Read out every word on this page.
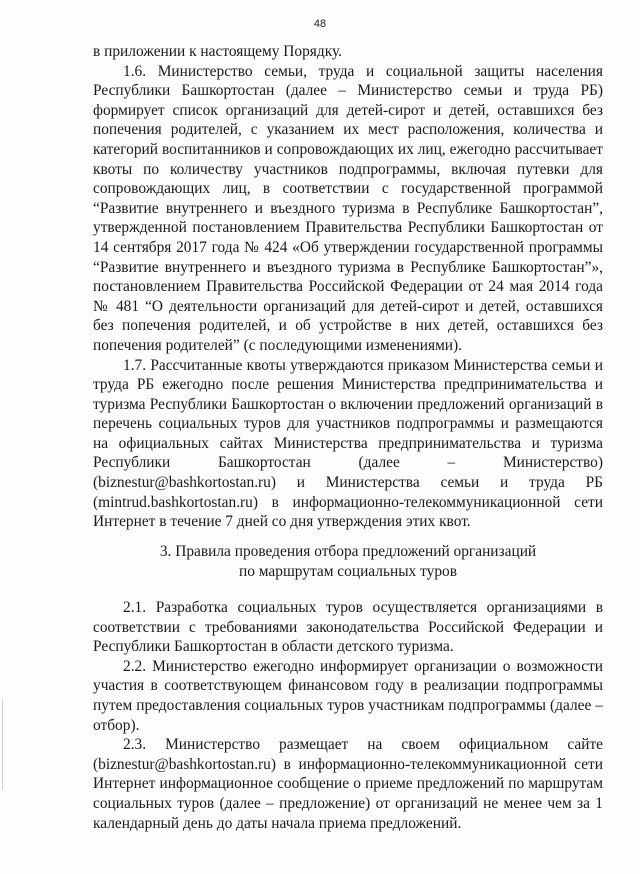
48

в приложении к настоящему Порядку.

1.6. Министерство семьи, труда и социальной защиты населения Республики Башкортостан (далее – Министерство семьи и труда РБ) формирует список организаций для детей-сирот и детей, оставшихся без попечения родителей, с указанием их мест расположения, количества и категорий воспитанников и сопровождающих их лиц, ежегодно рассчитывает квоты по количеству участников подпрограммы, включая путевки для сопровождающих лиц, в соответствии с государственной программой “Развитие внутреннего и въездного туризма в Республике Башкортостан”, утвержденной постановлением Правительства Республики Башкортостан от 14 сентября 2017 года № 424 «Об утверждении государственной программы “Развитие внутреннего и въездного туризма в Республике Башкортостан”», постановлением Правительства Российской Федерации от 24 мая 2014 года № 481 “О деятельности организаций для детей-сирот и детей, оставшихся без попечения родителей, и об устройстве в них детей, оставшихся без попечения родителей” (с последующими изменениями).

1.7. Рассчитанные квоты утверждаются приказом Министерства семьи и труда РБ ежегодно после решения Министерства предпринимательства и туризма Республики Башкортостан о включении предложений организаций в перечень социальных туров для участников подпрограммы и размещаются на официальных сайтах Министерства предпринимательства и туризма Республики Башкортостан (далее – Министерство) (biznestur@bashkortostan.ru) и Министерства семьи и труда РБ (mintrud.bashkortostan.ru) в информационно-телекоммуникационной сети Интернет в течение 7 дней со дня утверждения этих квот.

3. Правила проведения отбора предложений организаций

по маршрутам социальных туров

2.1. Разработка социальных туров осуществляется организациями в соответствии с требованиями законодательства Российской Федерации и Республики Башкортостан в области детского туризма.

2.2. Министерство ежегодно информирует организации о возможности участия в соответствующем финансовом году в реализации подпрограммы путем предоставления социальных туров участникам подпрограммы (далее – отбор).

2.3. Министерство размещает на своем официальном сайте (biznestur@bashkortostan.ru) в информационно-телекоммуникационной сети Интернет информационное сообщение о приеме предложений по маршрутам социальных туров (далее – предложение) от организаций не менее чем за 1 календарный день до даты начала приема предложений.
